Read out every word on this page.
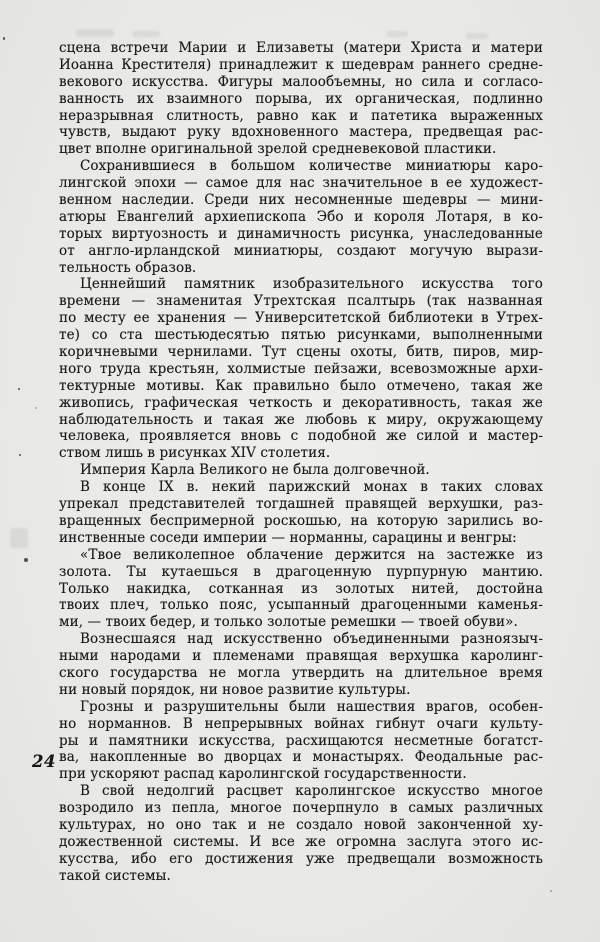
24
сцена встречи Марии и Елизаветы (матери Христа и матери
Иоанна Крестителя) принадлежит к шедеврам раннего средне-
векового искусства. Фигуры малообъемны, но сила и согласо-
ванность их взаимного порыва, их органическая, подлинно
неразрывная слитность, равно как и патетика выраженных
чувств, выдают руку вдохновенного мастера, предвещая рас-
цвет вполне оригинальной зрелой средневековой пластики.
Сохранившиеся в большом количестве миниатюры каро-
лингской эпохи — самое для нас значительное в ее художест-
венном наследии. Среди них несомненные шедевры — мини-
атюры Евангелий архиепископа Эбо и короля Лотаря, в ко-
торых виртуозность и динамичность рисунка, унаследованные
от англо-ирландской миниатюры, создают могучую вырази-
тельность образов.
Ценнейший памятник изобразительного искусства того
времени — знаменитая Утрехтская псалтырь (так названная
по месту ее хранения — Университетской библиотеки в Утрех-
те) со ста шестьюдесятью пятью рисунками, выполненными
коричневыми чернилами. Тут сцены охоты, битв, пиров, мир-
ного труда крестьян, холмистые пейзажи, всевозможные архи-
тектурные мотивы. Как правильно было отмечено, такая же
живопись, графическая четкость и декоративность, такая же
наблюдательность и такая же любовь к миру, окружающему
человека, проявляется вновь с подобной же силой и мастер-
ством лишь в рисунках XIV столетия.
Империя Карла Великого не была долговечной.
В конце IX в. некий парижский монах в таких словах
упрекал представителей тогдашней правящей верхушки, раз-
вращенных беспримерной роскошью, на которую зарились во-
инственные соседи империи — норманны, сарацины и венгры:
«Твое великолепное облачение держится на застежке из
золота. Ты кутаешься в драгоценную пурпурную мантию.
Только накидка, сотканная из золотых нитей, достойна
твоих плеч, только пояс, усыпанный драгоценными каменья-
ми, — твоих бедер, и только золотые ремешки — твоей обуви».
Вознесшаяся над искусственно объединенными разноязыч-
ными народами и племенами правящая верхушка каролинг-
ского государства не могла утвердить на длительное время
ни новый порядок, ни новое развитие культуры.
Грозны и разрушительны были нашествия врагов, особен-
но норманнов. В непрерывных войнах гибнут очаги культу-
ры и памятники искусства, расхищаются несметные богатст-
ва, накопленные во дворцах и монастырях. Феодальные рас-
при ускоряют распад каролингской государственности.
В свой недолгий расцвет каролингское искусство многое
возродило из пепла, многое почерпнуло в самых различных
культурах, но оно так и не создало новой законченной ху-
дожественной системы. И все же огромна заслуга этого ис-
кусства, ибо его достижения уже предвещали возможность
такой системы.
